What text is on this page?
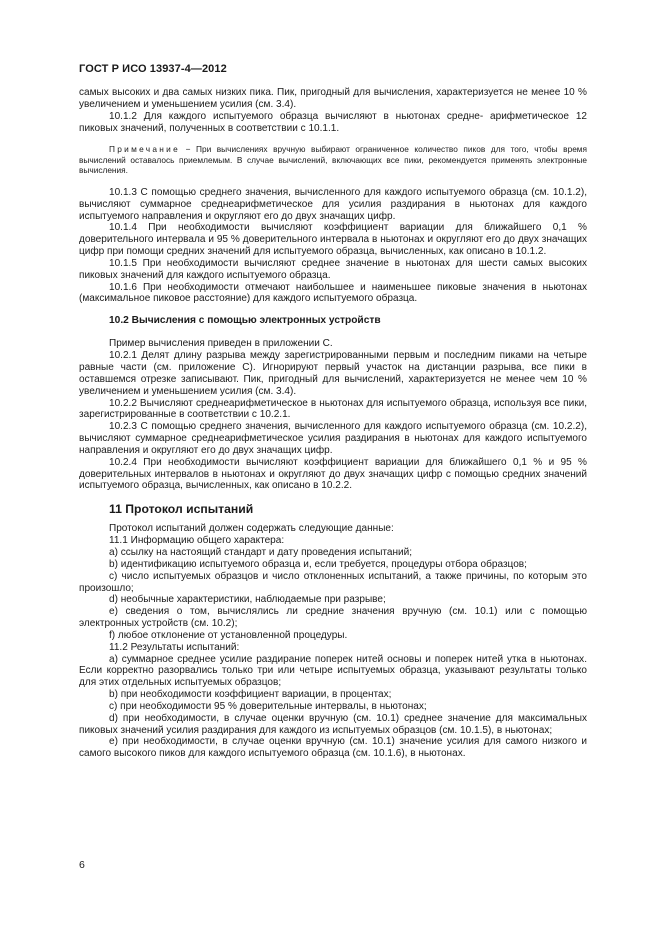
ГОСТ Р ИСО 13937-4—2012

самых высоких и два самых низких пика. Пик, пригодный для вычисления, характеризуется не менее 10 % увеличением и уменьшением усилия (см. 3.4).

10.1.2 Для каждого испытуемого образца вычисляют в ньютонах средне- арифметическое 12 пиковых значений, полученных в соответствии с 10.1.1.

Примечание − При вычислениях вручную выбирают ограниченное количество пиков для того, чтобы время вычислений оставалось приемлемым. В случае вычислений, включающих все пики, рекомендуется применять электронные вычисления.

10.1.3 С помощью среднего значения, вычисленного для каждого испытуемого образца (см. 10.1.2), вычисляют суммарное среднеарифметическое для усилия раздирания в ньютонах для каждого испытуемого направления и округляют его до двух значащих цифр.

10.1.4 При необходимости вычисляют коэффициент вариации для ближайшего 0,1 % доверительного интервала и 95 % доверительного интервала в ньютонах и округляют его до двух значащих цифр при помощи средних значений для испытуемого образца, вычисленных, как описано в 10.1.2.

10.1.5 При необходимости вычисляют среднее значение в ньютонах для шести самых высоких пиковых значений для каждого испытуемого образца.

10.1.6 При необходимости отмечают наибольшее и наименьшее пиковые значения в ньютонах (максимальное пиковое расстояние) для каждого испытуемого образца.

10.2 Вычисления с помощью электронных устройств

Пример вычисления приведен в приложении С.

10.2.1 Делят длину разрыва между зарегистрированными первым и последним пиками на четыре равные части (см. приложение С). Игнорируют первый участок на дистанции разрыва, все пики в оставшемся отрезке записывают. Пик, пригодный для вычислений, характеризуется не менее чем 10 % увеличением и уменьшением усилия (см. 3.4).

10.2.2 Вычисляют среднеарифметическое в ньютонах для испытуемого образца, используя все пики, зарегистрированные в соответствии с 10.2.1.

10.2.3 С помощью среднего значения, вычисленного для каждого испытуемого образца (см. 10.2.2), вычисляют суммарное среднеарифметическое усилия раздирания в ньютонах для каждого испытуемого направления и округляют его до двух значащих цифр.

10.2.4 При необходимости вычисляют коэффициент вариации для ближайшего 0,1 % и 95 % доверительных интервалов в ньютонах и округляют до двух значащих цифр с помощью средних значений испытуемого образца, вычисленных, как описано в 10.2.2.

11 Протокол испытаний

Протокол испытаний должен содержать следующие данные:

11.1 Информацию общего характера:

a) ссылку на настоящий стандарт и дату проведения испытаний;

b) идентификацию испытуемого образца и, если требуется, процедуры отбора образцов;

c) число испытуемых образцов и число отклоненных испытаний, а также причины, по которым это произошло;

d) необычные характеристики, наблюдаемые при разрыве;

e) сведения о том, вычислялись ли средние значения вручную (см. 10.1) или с помощью электронных устройств (см. 10.2);

f) любое отклонение от установленной процедуры.

11.2 Результаты испытаний:

a) суммарное среднее усилие раздирание поперек нитей основы и поперек нитей утка в ньютонах. Если корректно разорвались только три или четыре испытуемых образца, указывают результаты только для этих отдельных испытуемых образцов;

b) при необходимости коэффициент вариации, в процентах;

c) при необходимости 95 % доверительные интервалы, в ньютонах;

d) при необходимости, в случае оценки вручную (см. 10.1) среднее значение для максимальных пиковых значений усилия раздирания для каждого из испытуемых образцов (см. 10.1.5), в ньютонах;

e) при необходимости, в случае оценки вручную (см. 10.1) значение усилия для самого низкого и самого высокого пиков для каждого испытуемого образца (см. 10.1.6), в ньютонах.

6
